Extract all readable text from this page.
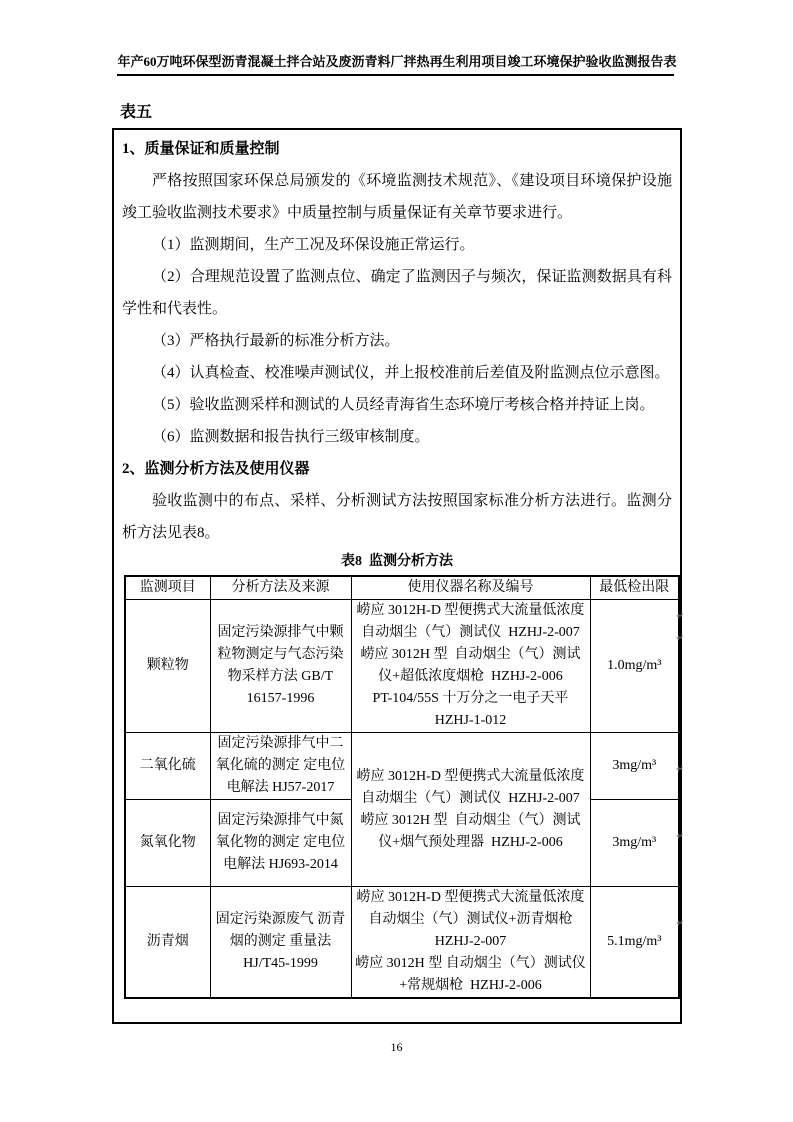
年产60万吨环保型沥青混凝土拌合站及废沥青料厂拌热再生利用项目竣工环境保护验收监测报告表
表五

1、质量保证和质量控制

严格按照国家环保总局颁发的《环境监测技术规范》、《建设项目环境保护设施竣工验收监测技术要求》中质量控制与质量保证有关章节要求进行。

（1）监测期间，生产工况及环保设施正常运行。

（2）合理规范设置了监测点位、确定了监测因子与频次，保证监测数据具有科学性和代表性。

（3）严格执行最新的标准分析方法。

（4）认真检查、校准噪声测试仪，并上报校准前后差值及附监测点位示意图。

（5）验收监测采样和测试的人员经青海省生态环境厅考核合格并持证上岗。

（6）监测数据和报告执行三级审核制度。

2、监测分析方法及使用仪器

验收监测中的布点、采样、分析测试方法按照国家标准分析方法进行。监测分析方法见表8。

表8  监测分析方法

监测项目	分析方法及来源	使用仪器名称及编号	最低检出限
颗粒物	固定污染源排气中颗粒物测定与气态污染物采样方法 GB/T 16157-1996	崂应 3012H-D 型便携式大流量低浓度自动烟尘（气）测试仪  HZHJ-2-007
崂应 3012H 型  自动烟尘（气）测试仪+超低浓度烟枪  HZHJ-2-006
PT-104/55S 十万分之一电子天平 HZHJ-1-012	1.0mg/m³
二氧化硫	固定污染源排气中二氧化硫的测定 定电位电解法 HJ57-2017	崂应 3012H-D 型便携式大流量低浓度自动烟尘（气）测试仪  HZHJ-2-007
崂应 3012H 型  自动烟尘（气）测试仪+烟气预处理器  HZHJ-2-006	3mg/m³
氮氧化物	固定污染源排气中氮氧化物的测定 定电位电解法 HJ693-2014		3mg/m³
沥青烟	固定污染源废气 沥青烟的测定 重量法 HJ/T45-1999	崂应 3012H-D 型便携式大流量低浓度自动烟尘（气）测试仪+沥青烟枪 HZHJ-2-007
崂应 3012H 型 自动烟尘（气）测试仪+常规烟枪  HZHJ-2-006	5.1mg/m³
↵
↵
↵
↵
↵
16
